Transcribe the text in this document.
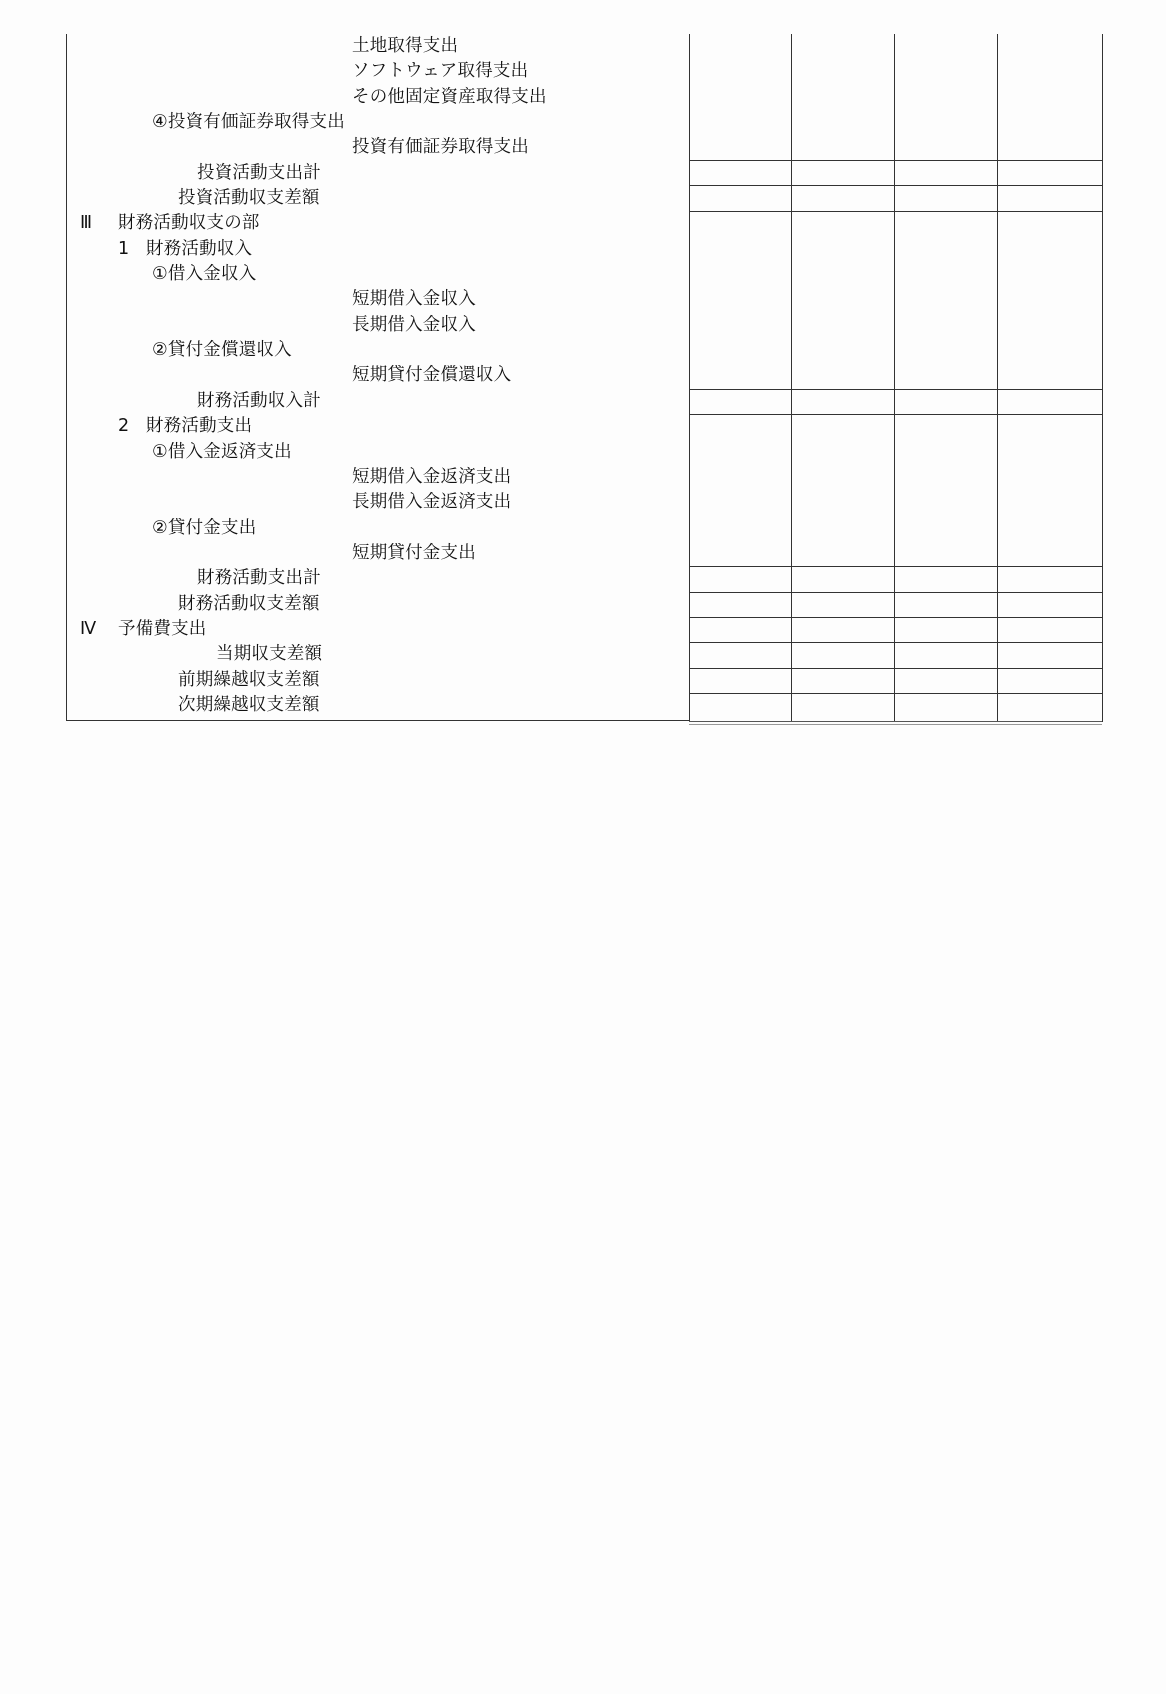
土地取得支出
ソフトウェア取得支出
その他固定資産取得支出
④投資有価証券取得支出
投資有価証券取得支出
投資活動支出計
投資活動収支差額
Ⅲ 財務活動収支の部
1 財務活動収入
①借入金収入
短期借入金収入
長期借入金収入
②貸付金償還収入
短期貸付金償還収入
財務活動収入計
2 財務活動支出
①借入金返済支出
短期借入金返済支出
長期借入金返済支出
②貸付金支出
短期貸付金支出
財務活動支出計
財務活動収支差額
Ⅳ 予備費支出
当期収支差額
前期繰越収支差額
次期繰越収支差額
